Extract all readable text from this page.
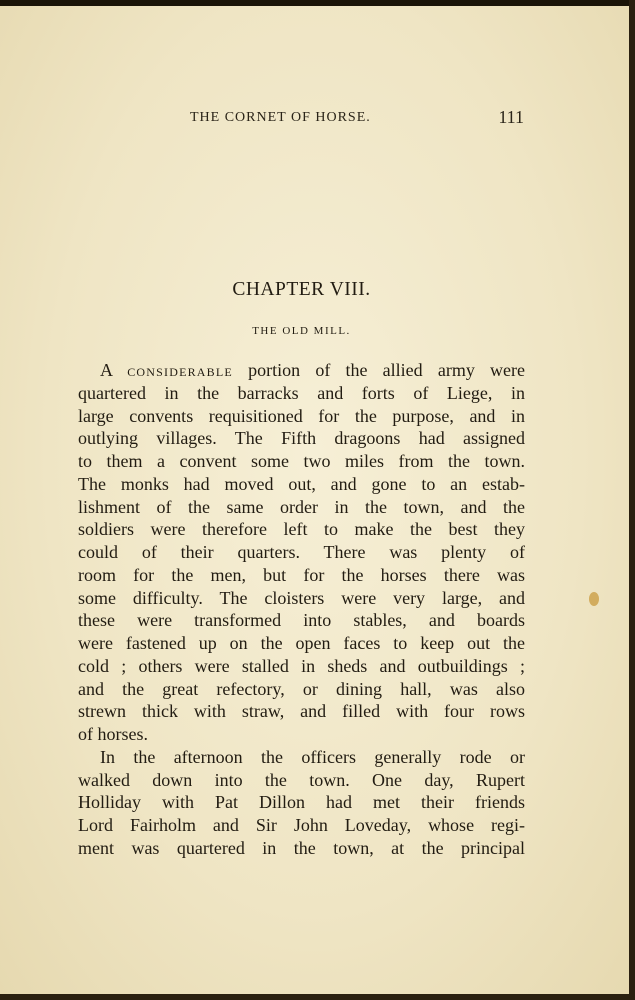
THE CORNET OF HORSE.	111
CHAPTER VIII.
THE OLD MILL.
A CONSIDERABLE portion of the allied army were
quartered in the barracks and forts of Liege, in
large convents requisitioned for the purpose, and in
outlying villages. The Fifth dragoons had assigned
to them a convent some two miles from the town.
The monks had moved out, and gone to an estab-
lishment of the same order in the town, and the
soldiers were therefore left to make the best they
could of their quarters. There was plenty of
room for the men, but for the horses there was
some difficulty. The cloisters were very large, and
these were transformed into stables, and boards
were fastened up on the open faces to keep out the
cold ; others were stalled in sheds and outbuildings ;
and the great refectory, or dining hall, was also
strewn thick with straw, and filled with four rows
of horses.
In the afternoon the officers generally rode or
walked down into the town. One day, Rupert
Holliday with Pat Dillon had met their friends
Lord Fairholm and Sir John Loveday, whose regi-
ment was quartered in the town, at the principal
